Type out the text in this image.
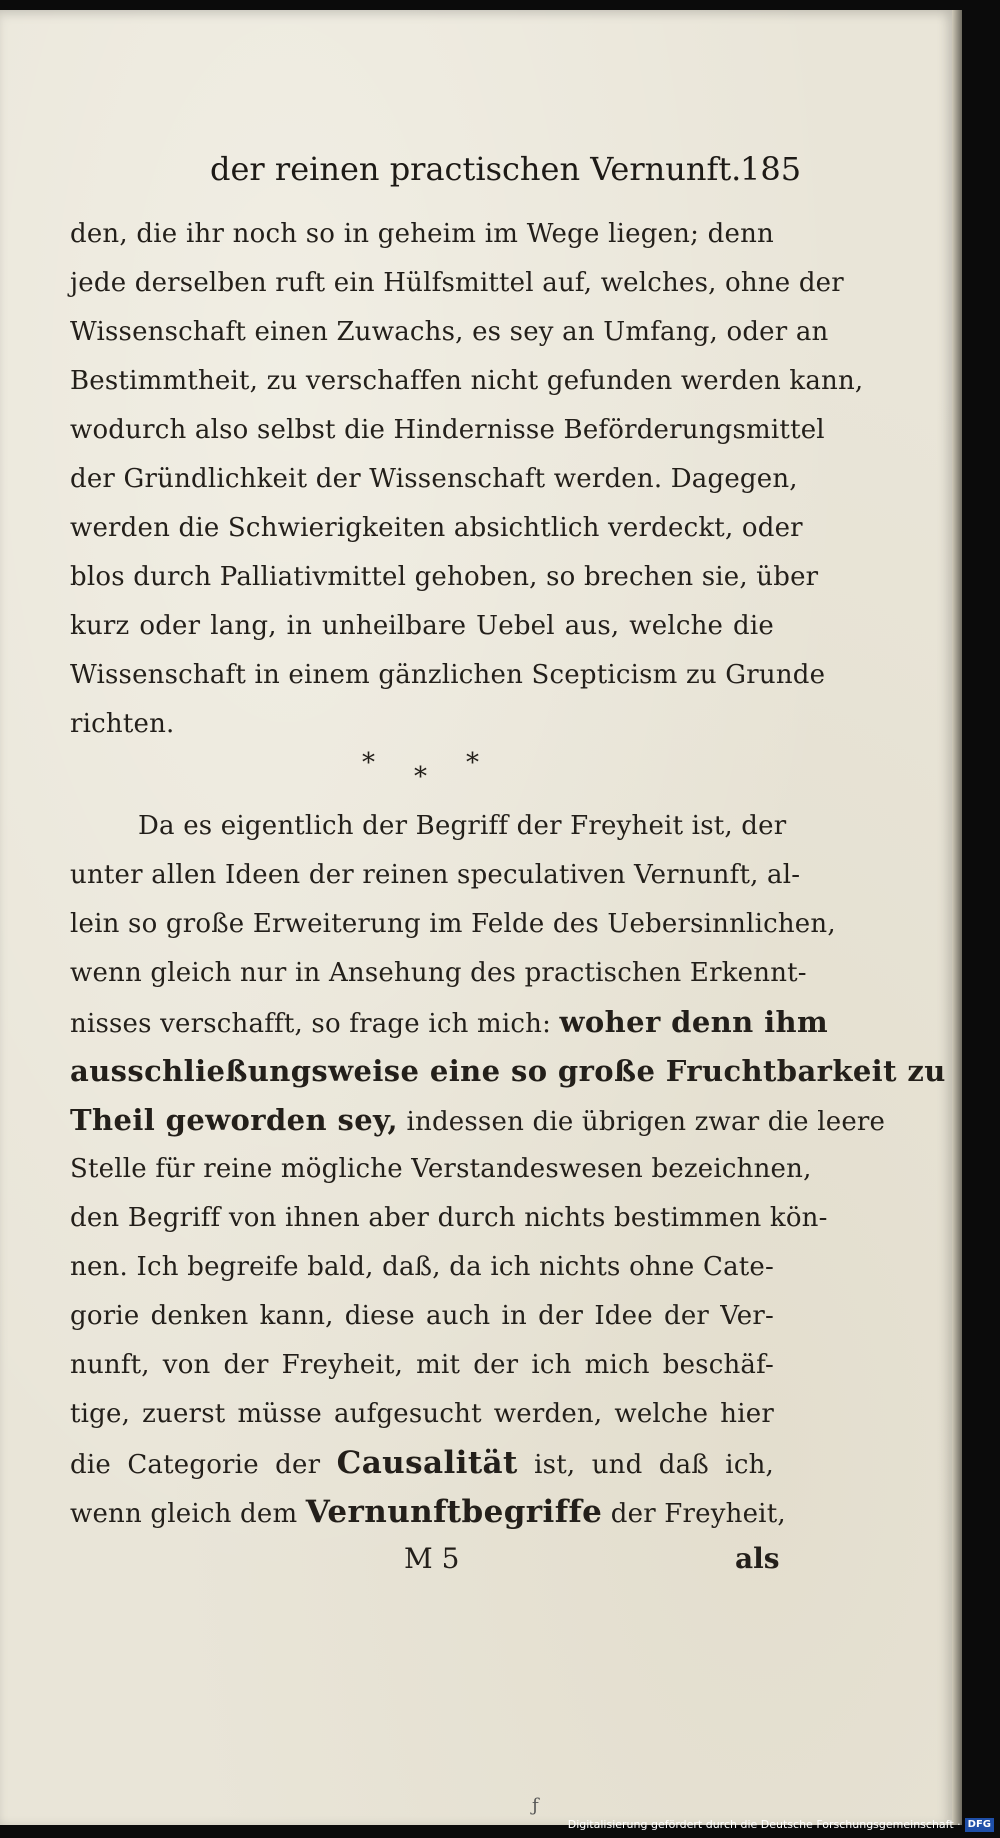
der reinen practischen Vernunft.
185
den, die ihr noch so in geheim im Wege liegen; denn
jede derselben ruft ein Hülfsmittel auf, welches, ohne der
Wissenschaft einen Zuwachs, es sey an Umfang, oder an
Bestimmtheit, zu verschaffen nicht gefunden werden kann,
wodurch also selbst die Hindernisse Beförderungsmittel
der Gründlichkeit der Wissenschaft werden. Dagegen,
werden die Schwierigkeiten absichtlich verdeckt, oder
blos durch Palliativmittel gehoben, so brechen sie, über
kurz oder lang, in unheilbare Uebel aus, welche die
Wissenschaft in einem gänzlichen Scepticism zu Grunde
richten.
* * *
Da es eigentlich der Begriff der Freyheit ist, der
unter allen Ideen der reinen speculativen Vernunft, al-
lein so große Erweiterung im Felde des Uebersinnlichen,
wenn gleich nur in Ansehung des practischen Erkennt-
nisses verschafft, so frage ich mich: woher denn ihm
ausschließungsweise eine so große Fruchtbarkeit zu
Theil geworden sey, indessen die übrigen zwar die leere
Stelle für reine mögliche Verstandeswesen bezeichnen,
den Begriff von ihnen aber durch nichts bestimmen kön-
nen. Ich begreife bald, daß, da ich nichts ohne Cate-
gorie denken kann, diese auch in der Idee der Ver-
nunft, von der Freyheit, mit der ich mich beschäf-
tige, zuerst müsse aufgesucht werden, welche hier
die Categorie der Causalität ist, und daß ich,
wenn gleich dem Vernunftbegriffe der Freyheit,
M 5	als
ƒ
Digitalisierung gefördert durch die Deutsche Forschungsgemeinschaft · DFG
